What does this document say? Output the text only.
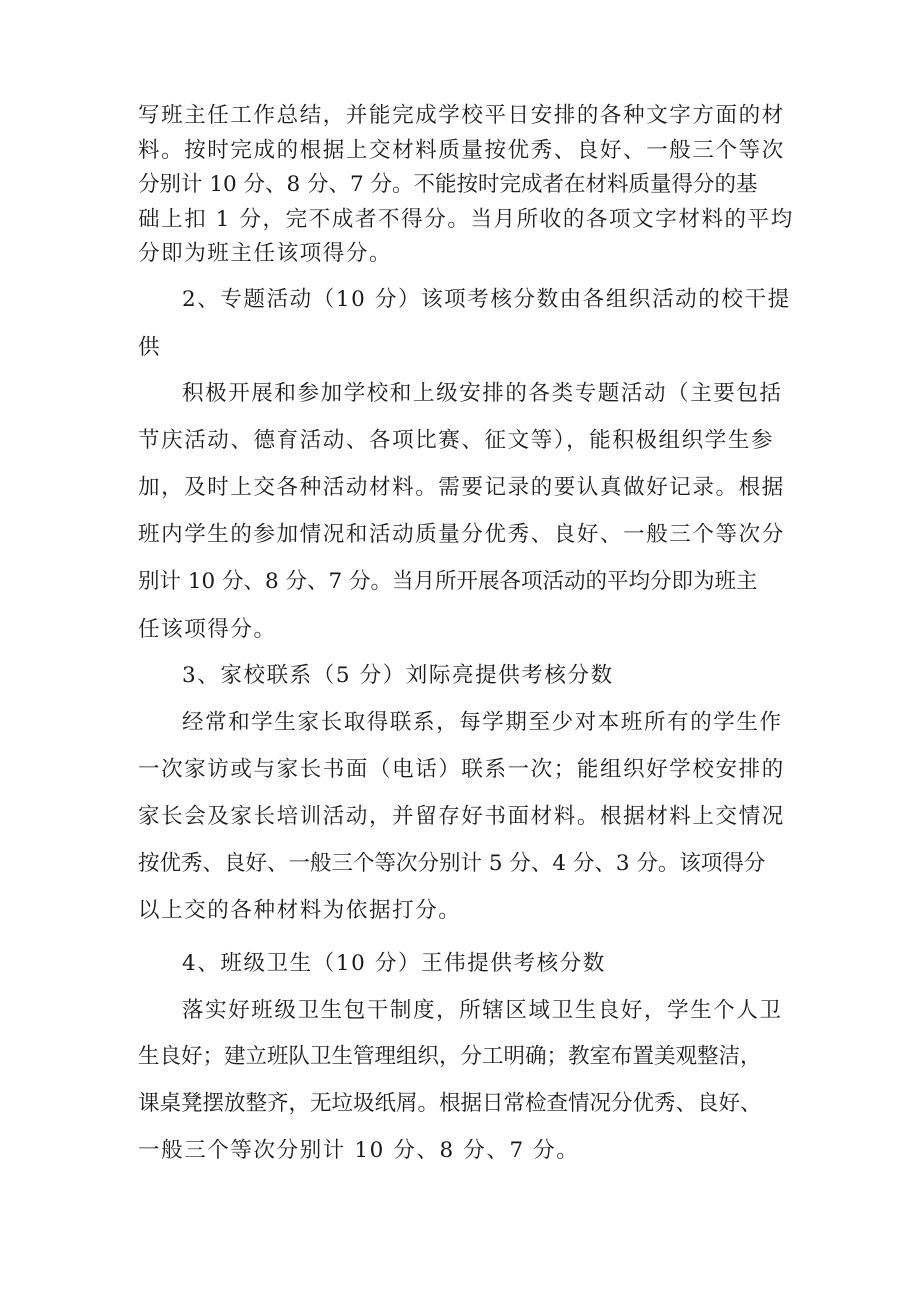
写班主任工作总结，并能完成学校平日安排的各种文字方面的材
料。按时完成的根据上交材料质量按优秀、良好、一般三个等次
分别计 10 分、8 分、7 分。不能按时完成者在材料质量得分的基
础上扣 1 分，完不成者不得分。当月所收的各项文字材料的平均
分即为班主任该项得分。
2、专题活动（10 分）该项考核分数由各组织活动的校干提
供
积极开展和参加学校和上级安排的各类专题活动（主要包括
节庆活动、德育活动、各项比赛、征文等），能积极组织学生参
加，及时上交各种活动材料。需要记录的要认真做好记录。根据
班内学生的参加情况和活动质量分优秀、良好、一般三个等次分
别计 10 分、8 分、7 分。当月所开展各项活动的平均分即为班主
任该项得分。
3、家校联系（5 分）刘际亮提供考核分数
经常和学生家长取得联系，每学期至少对本班所有的学生作
一次家访或与家长书面（电话）联系一次；能组织好学校安排的
家长会及家长培训活动，并留存好书面材料。根据材料上交情况
按优秀、良好、一般三个等次分别计 5 分、4 分、3 分。该项得分
以上交的各种材料为依据打分。
4、班级卫生（10 分）王伟提供考核分数
落实好班级卫生包干制度，所辖区域卫生良好，学生个人卫
生良好；建立班队卫生管理组织，分工明确；教室布置美观整洁，
课桌凳摆放整齐，无垃圾纸屑。根据日常检查情况分优秀、良好、
一般三个等次分别计 10 分、8 分、7 分。
